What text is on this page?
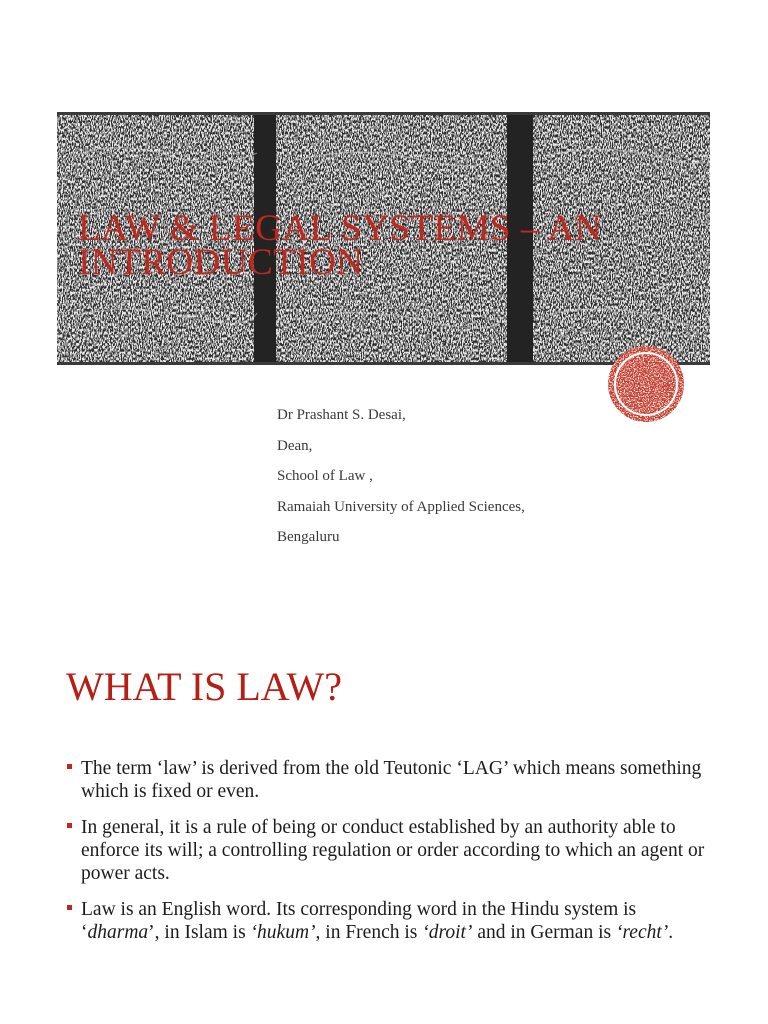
LAW & LEGAL SYSTEMS – AN
INTRODUCTION
Dr Prashant S. Desai,
Dean,
School of Law ,
Ramaiah University of Applied Sciences,
Bengaluru
WHAT IS LAW?
The term ‘law’ is derived from the old Teutonic ‘LAG’ which means something which is fixed or even.
In general, it is a rule of being or conduct established by an authority able to enforce its will; a controlling regulation or order according to which an agent or power acts.
Law is an English word. Its corresponding word in the Hindu system is ‘dharma’, in Islam is ‘hukum’, in French is ‘droit’ and in German is ‘recht’.
